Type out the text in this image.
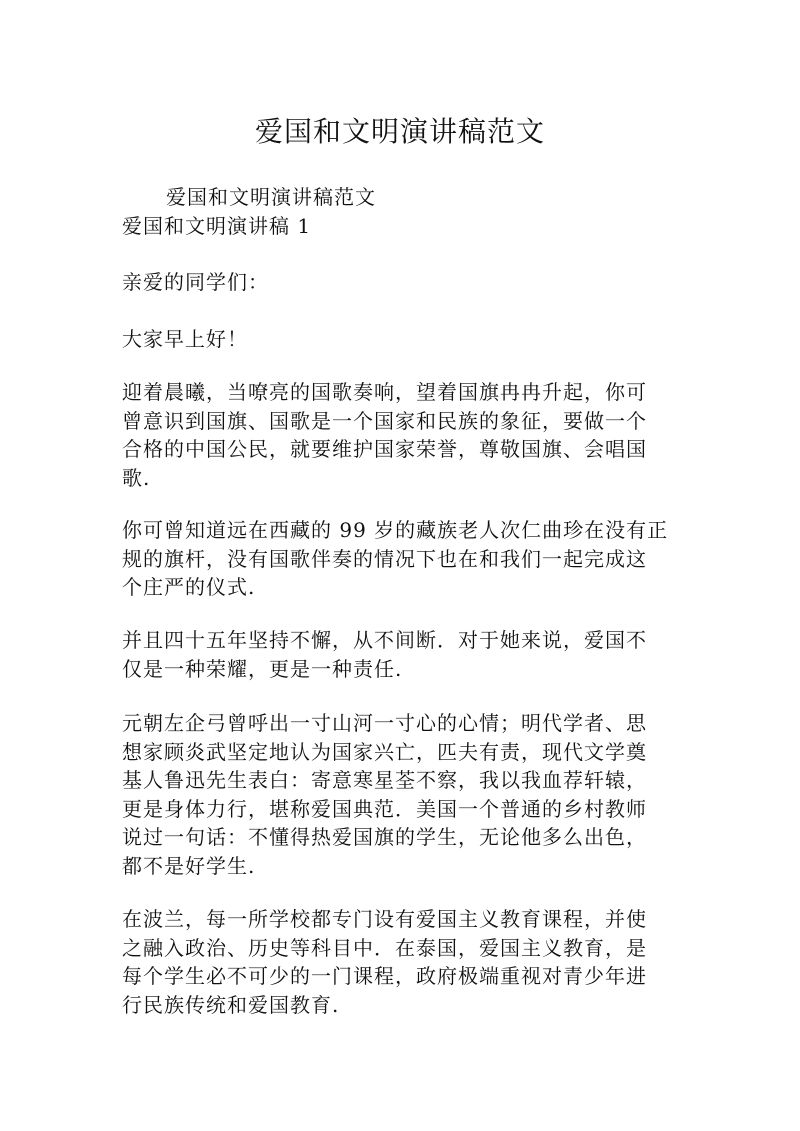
爱国和文明演讲稿范文
爱国和文明演讲稿范文
爱国和文明演讲稿 1
亲爱的同学们：
大家早上好！
迎着晨曦，当嘹亮的国歌奏响，望着国旗冉冉升起，你可
曾意识到国旗、国歌是一个国家和民族的象征，要做一个
合格的中国公民，就要维护国家荣誉，尊敬国旗、会唱国
歌.
你可曾知道远在西藏的 99 岁的藏族老人次仁曲珍在没有正
规的旗杆，没有国歌伴奏的情况下也在和我们一起完成这
个庄严的仪式.
并且四十五年坚持不懈，从不间断．对于她来说，爱国不
仅是一种荣耀，更是一种责任.
元朝左企弓曾呼出一寸山河一寸心的心情；明代学者、思
想家顾炎武坚定地认为国家兴亡，匹夫有责，现代文学奠
基人鲁迅先生表白：寄意寒星荃不察，我以我血荐轩辕，
更是身体力行，堪称爱国典范．美国一个普通的乡村教师
说过一句话：不懂得热爱国旗的学生，无论他多么出色，
都不是好学生.
在波兰，每一所学校都专门设有爱国主义教育课程，并使
之融入政治、历史等科目中．在泰国，爱国主义教育，是
每个学生必不可少的一门课程，政府极端重视对青少年进
行民族传统和爱国教育.
